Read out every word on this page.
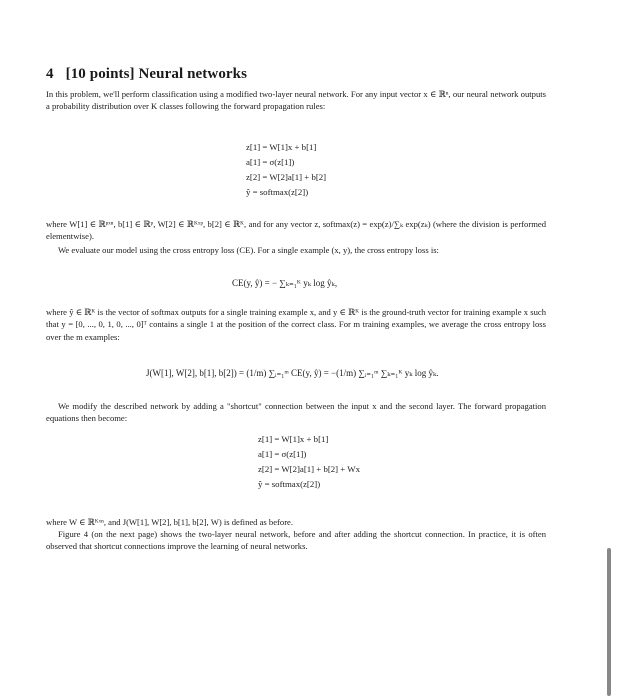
4 [10 points] Neural networks

In this problem, we'll perform classification using a modified two-layer neural network. For any input vector x ∈ ℝⁿ, our neural network outputs a probability distribution over K classes following the forward propagation rules:

z[1] = W[1]x + b[1]
a[1] = σ(z[1])
z[2] = W[2]a[1] + b[2]
ŷ = softmax(z[2])

where W[1] ∈ ℝᵖˣⁿ, b[1] ∈ ℝᵖ, W[2] ∈ ℝᴷˣᵖ, b[2] ∈ ℝᴷ, and for any vector z, softmax(z) = exp(z)/∑ₖ exp(zₖ) (where the division is performed elementwise).

We evaluate our model using the cross entropy loss (CE). For a single example (x, y), the cross entropy loss is:

CE(y, ŷ) = − ∑ₖ₌₁ᴷ yₖ log ŷₖ,

where ŷ ∈ ℝᴷ is the vector of softmax outputs for a single training example x, and y ∈ ℝᴷ is the ground-truth vector for training example x such that y = [0, ..., 0, 1, 0, ..., 0]ᵀ contains a single 1 at the position of the correct class. For m training examples, we average the cross entropy loss over the m examples:

J(W[1], W[2], b[1], b[2]) = (1/m) ∑ᵢ₌₁ᵐ CE(y, ŷ) = −(1/m) ∑ᵢ₌₁ᵐ ∑ₖ₌₁ᴷ yₖ log ŷₖ.

We modify the described network by adding a "shortcut" connection between the input x and the second layer. The forward propagation equations then become:

z[1] = W[1]x + b[1]
a[1] = σ(z[1])
z[2] = W[2]a[1] + b[2] + Wx
ŷ = softmax(z[2])

where W ∈ ℝᴷˣⁿ, and J(W[1], W[2], b[1], b[2], W) is defined as before.

Figure 4 (on the next page) shows the two-layer neural network, before and after adding the shortcut connection. In practice, it is often observed that shortcut connections improve the learning of neural networks.
